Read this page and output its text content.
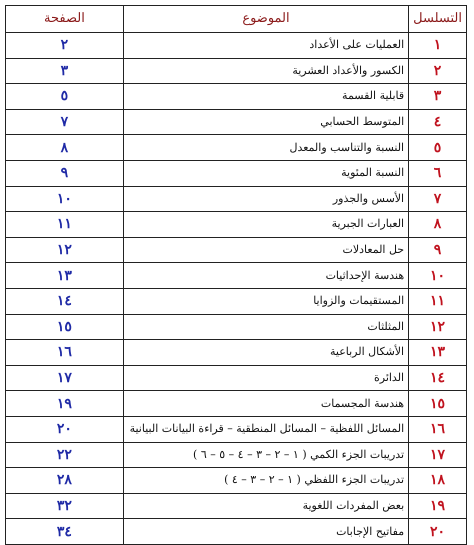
التسلسل	الموضوع	الصفحة
١	العمليات على الأعداد	٢
٢	الكسور والأعداد العشرية	٣
٣	قابلية القسمة	٥
٤	المتوسط الحسابي	٧
٥	النسبة والتناسب والمعدل	٨
٦	النسبة المئوية	٩
٧	الأسس والجذور	١٠
٨	العبارات الجبرية	١١
٩	حل المعادلات	١٢
١٠	هندسة الإحداثيات	١٣
١١	المستقيمات والزوايا	١٤
١٢	المثلثات	١٥
١٣	الأشكال الرباعية	١٦
١٤	الدائرة	١٧
١٥	هندسة المجسمات	١٩
١٦	المسائل اللفظية – المسائل المنطقية – قراءة البيانات البيانية	٢٠
١٧	تدريبات الجزء الكمي ( ١ – ٢ – ٣ – ٤ – ٥ – ٦ )	٢٢
١٨	تدريبات الجزء اللفظي ( ١ – ٢ – ٣ – ٤ )	٢٨
١٩	بعض المفردات اللغوية	٣٢
٢٠	مفاتيح الإجابات	٣٤
